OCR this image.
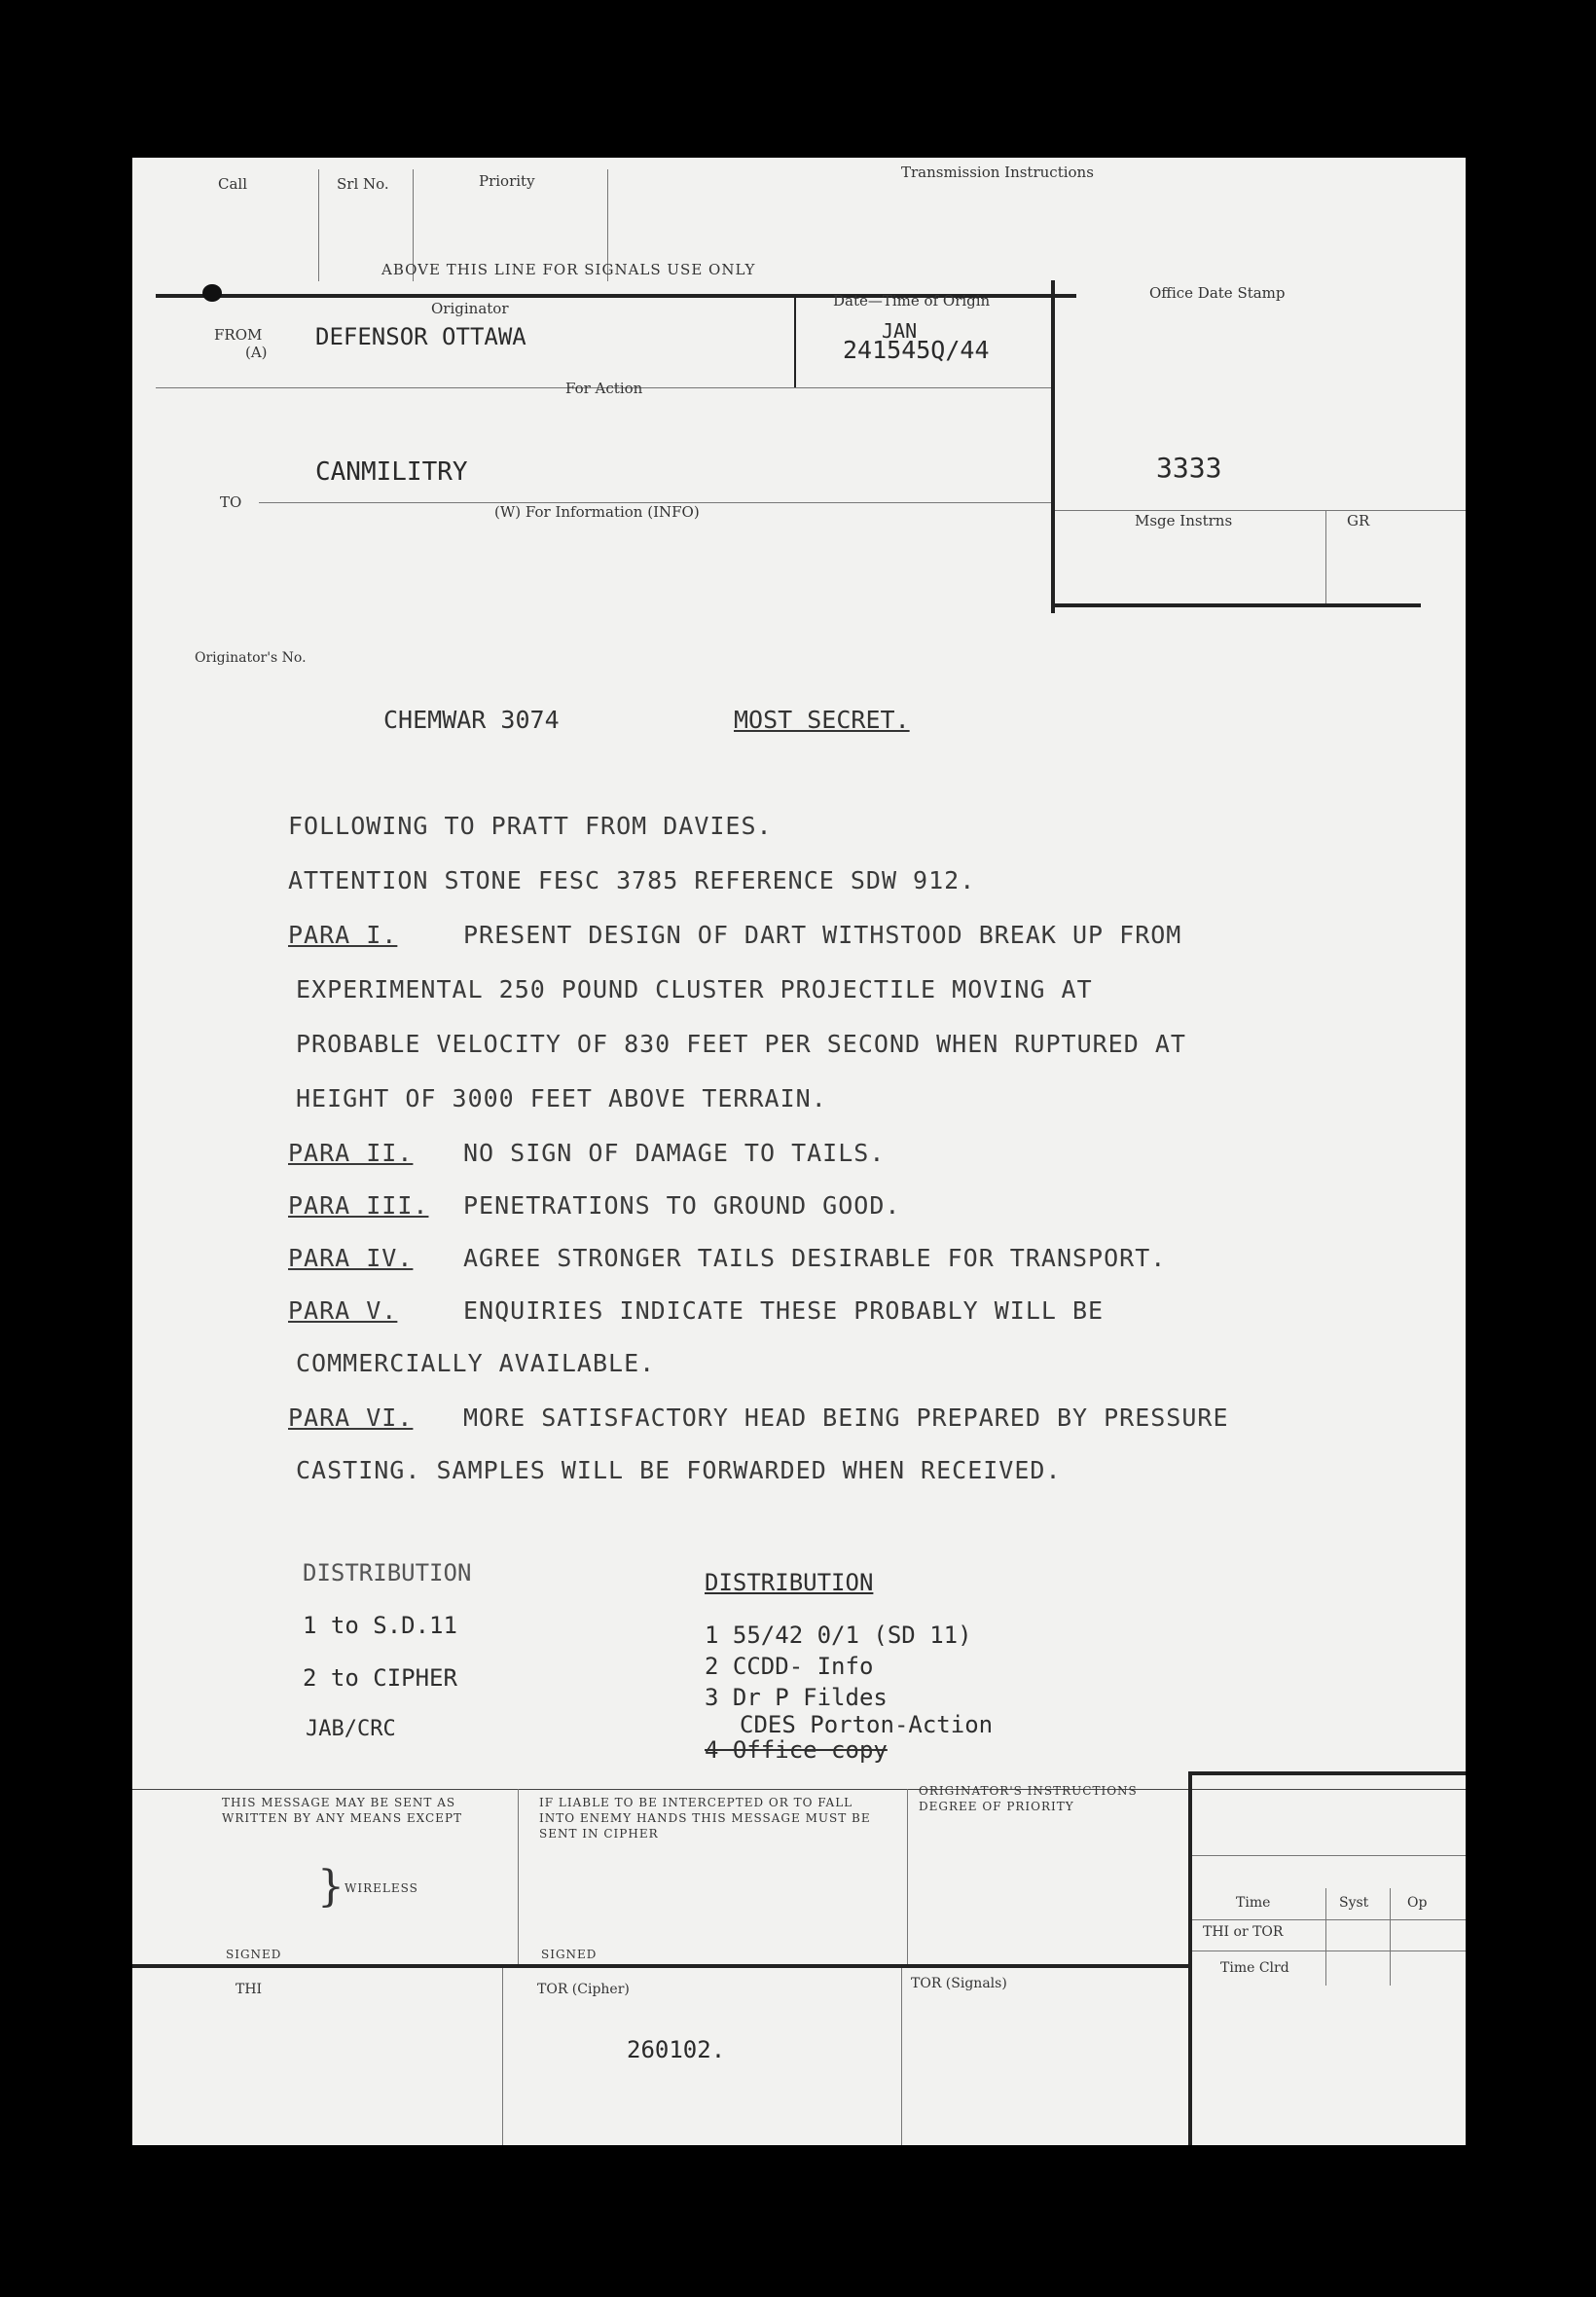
Call	Srl No.	Priority	Transmission Instructions
ABOVE THIS LINE FOR SIGNALS USE ONLY
Originator
FROM
(A)
DEFENSOR OTTAWA
Date—Time of Origin
JAN
241545Q/44
For Action
CANMILITRY
TO
(W) For Information (INFO)
Office Date Stamp
3333
Msge Instrns	GR
Originator's No.
CHEMWAR 3074	MOST SECRET.
FOLLOWING TO PRATT FROM DAVIES.
ATTENTION STONE FESC 3785 REFERENCE SDW 912.
PARA I.	PRESENT DESIGN OF DART WITHSTOOD BREAK UP FROM
EXPERIMENTAL 250 POUND CLUSTER PROJECTILE MOVING AT
PROBABLE VELOCITY OF 830 FEET PER SECOND WHEN RUPTURED AT
HEIGHT OF 3000 FEET ABOVE TERRAIN.
PARA II. NO SIGN OF DAMAGE TO TAILS.
PARA III. PENETRATIONS TO GROUND GOOD.
PARA IV. AGREE STRONGER TAILS DESIRABLE FOR TRANSPORT.
PARA V.	ENQUIRIES INDICATE THESE PROBABLY WILL BE
COMMERCIALLY AVAILABLE.
PARA VI. MORE SATISFACTORY HEAD BEING PREPARED BY PRESSURE
CASTING. SAMPLES WILL BE FORWARDED WHEN RECEIVED.
DISTRIBUTION
1 to S.D.11
2 to CIPHER
JAB/CRC
DISTRIBUTION
1 55/42 0/1 (SD 11)
2 CCDD- Info
3 Dr P Fildes
CDES Porton-Action
4 Office copy
THIS MESSAGE MAY BE SENT AS WRITTEN BY ANY MEANS EXCEPT
} WIRELESS
SIGNED
IF LIABLE TO BE INTERCEPTED OR TO FALL INTO ENEMY HANDS THIS MESSAGE MUST BE SENT IN CIPHER
SIGNED
ORIGINATOR'S INSTRUCTIONS DEGREE OF PRIORITY
Time	Syst	Op
THI or TOR
Time Clrd
THI	TOR (Cipher)	TOR (Signals)
260102.
